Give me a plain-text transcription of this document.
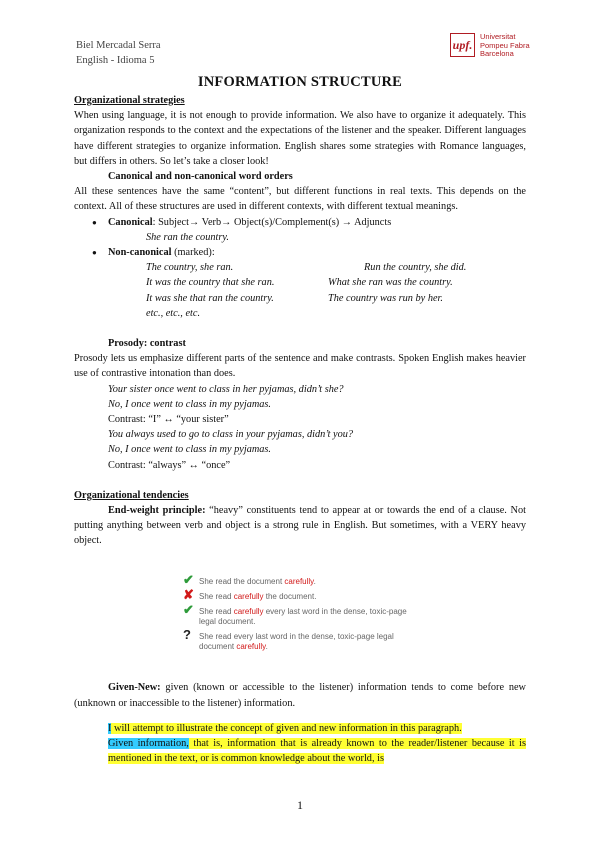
Biel Mercadal Serra
English - Idioma 5
upf.
Universitat
Pompeu Fabra
Barcelona
INFORMATION STRUCTURE

Organizational strategies

When using language, it is not enough to provide information. We also have to organize it adequately. This organization responds to the context and the expectations of the listener and the speaker. Different languages have different strategies to organize information. English shares some strategies with Romance languages, but differs in others. So let’s take a closer look!

Canonical and non-canonical word orders

All these sentences have the same “content”, but different functions in real texts. This depends on the context. All of these structures are used in different contexts, with different textual meanings.

● Canonical: Subject→ Verb→ Object(s)/Complement(s) → Adjuncts

She ran the country.

● Non-canonical (marked):
The country, she ran.	Run the country, she did.
It was the country that she ran.	What she ran was the country.
It was she that ran the country.	The country was run by her.
etc., etc., etc.

Prosody: contrast

Prosody lets us emphasize different parts of the sentence and make contrasts. Spoken English makes heavier use of contrastive intonation than does.

Your sister once went to class in her pyjamas, didn’t she?

No, I once went to class in my pyjamas.

Contrast: “I” ↔ “your sister”

You always used to go to class in your pyjamas, didn’t you?

No, I once went to class in my pyjamas.

Contrast: “always” ↔ “once”

Organizational tendencies

End-weight principle: “heavy” constituents tend to appear at or towards the end of a clause. Not putting anything between verb and object is a strong rule in English. But sometimes, with a VERY heavy object.

✔ She read the document carefully.
✘ She read carefully the document.
✔ She read carefully every last word in the dense, toxic-page legal document.
? She read every last word in the dense, toxic-page legal document carefully.

Given-New: given (known or accessible to the listener) information tends to come before new (unknown or inaccessible to the listener) information.

I will attempt to illustrate the concept of given and new information in this paragraph.
Given information, that is, information that is already known to the reader/listener because it is mentioned in the text, or is common knowledge about the world, is
1
